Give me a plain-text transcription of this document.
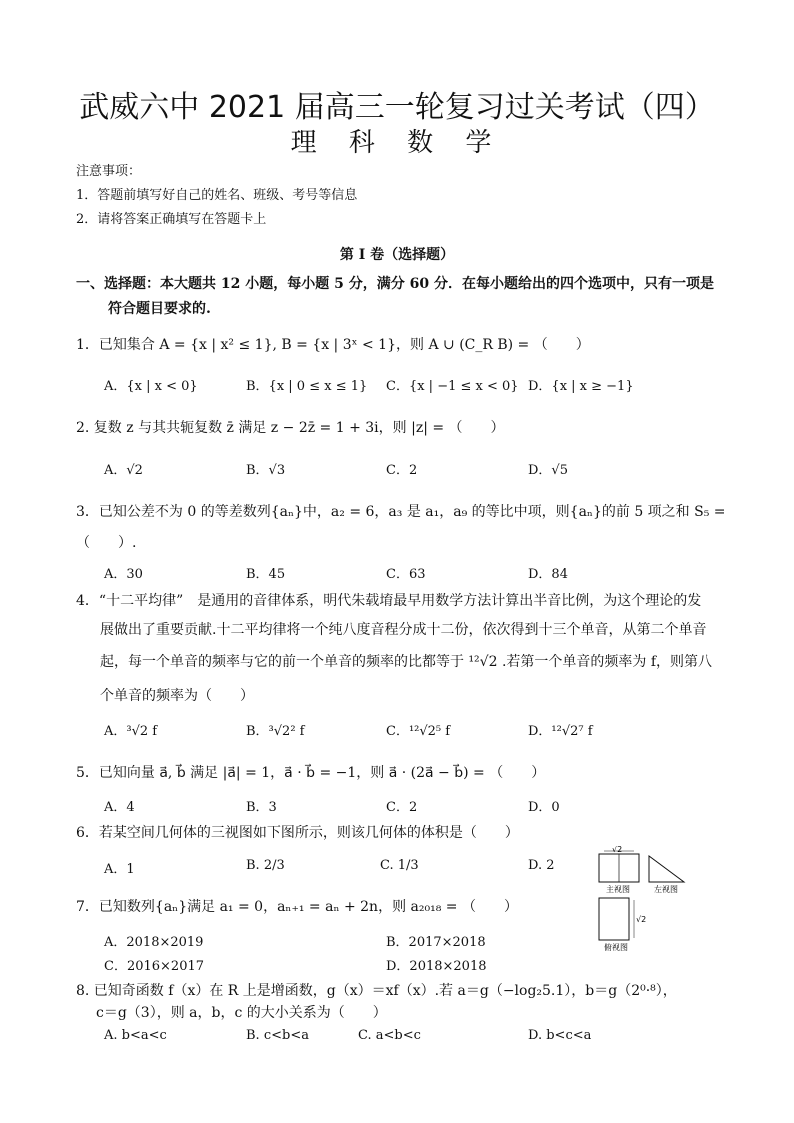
武威六中 2021 届高三一轮复习过关考试（四）
理 科 数 学
注意事项：
1．答题前填写好自己的姓名、班级、考号等信息
2．请将答案正确填写在答题卡上
第 I 卷（选择题）
一、选择题：本大题共 12 小题，每小题 5 分，满分 60 分．在每小题给出的四个选项中，只有一项是
符合题目要求的.
1．已知集合 A = {x | x² ≤ 1}, B = {x | 3ˣ < 1}，则 A ∪ (C_R B) = （　　）
A．{x | x < 0}	B．{x | 0 ≤ x ≤ 1} C．{x | −1 ≤ x < 0} D．{x | x ≥ −1}
2. 复数 z 与其共轭复数 z̄ 满足 z − 2z̄ = 1 + 3i，则 |z| = （　　）
A．√2	B．√3	C．2	D．√5
3．已知公差不为 0 的等差数列{aₙ}中，a₂ = 6，a₃ 是 a₁，a₉ 的等比中项，则{aₙ}的前 5 项之和 S₅ =
（　　）.
A．30	B．45	C．63	D．84
4．“十二平均律”　是通用的音律体系，明代朱载堉最早用数学方法计算出半音比例，为这个理论的发
展做出了重要贡献.十二平均律将一个纯八度音程分成十二份，依次得到十三个单音，从第二个单音
起，每一个单音的频率与它的前一个单音的频率的比都等于 ¹²√2 .若第一个单音的频率为 f，则第八
个单音的频率为（　　）
A．³√2 f	B．³√2² f	C．¹²√2⁵ f	D．¹²√2⁷ f
5．已知向量 a⃗, b⃗ 满足 |a⃗| = 1，a⃗ · b⃗ = −1，则 a⃗ · (2a⃗ − b⃗) = （　　）
A．4	B．3	C．2	D．0
6．若某空间几何体的三视图如下图所示，则该几何体的体积是（　　）
A．1	B. 2/3	C. 1/3	D. 2
√2
主视图	左视图
√2
俯视图
7．已知数列{aₙ}满足 a₁ = 0，aₙ₊₁ = aₙ + 2n，则 a₂₀₁₈ = （　　）
A．2018×2019	B．2017×2018
C．2016×2017	D．2018×2018
8. 已知奇函数 f（x）在 R 上是增函数，g（x）＝xf（x）.若 a＝g（−log₂5.1），b＝g（2⁰·⁸），
c＝g（3），则 a，b，c 的大小关系为（　　）
A. b<a<c	B. c<b<a	C. a<b<c	D. b<c<a
